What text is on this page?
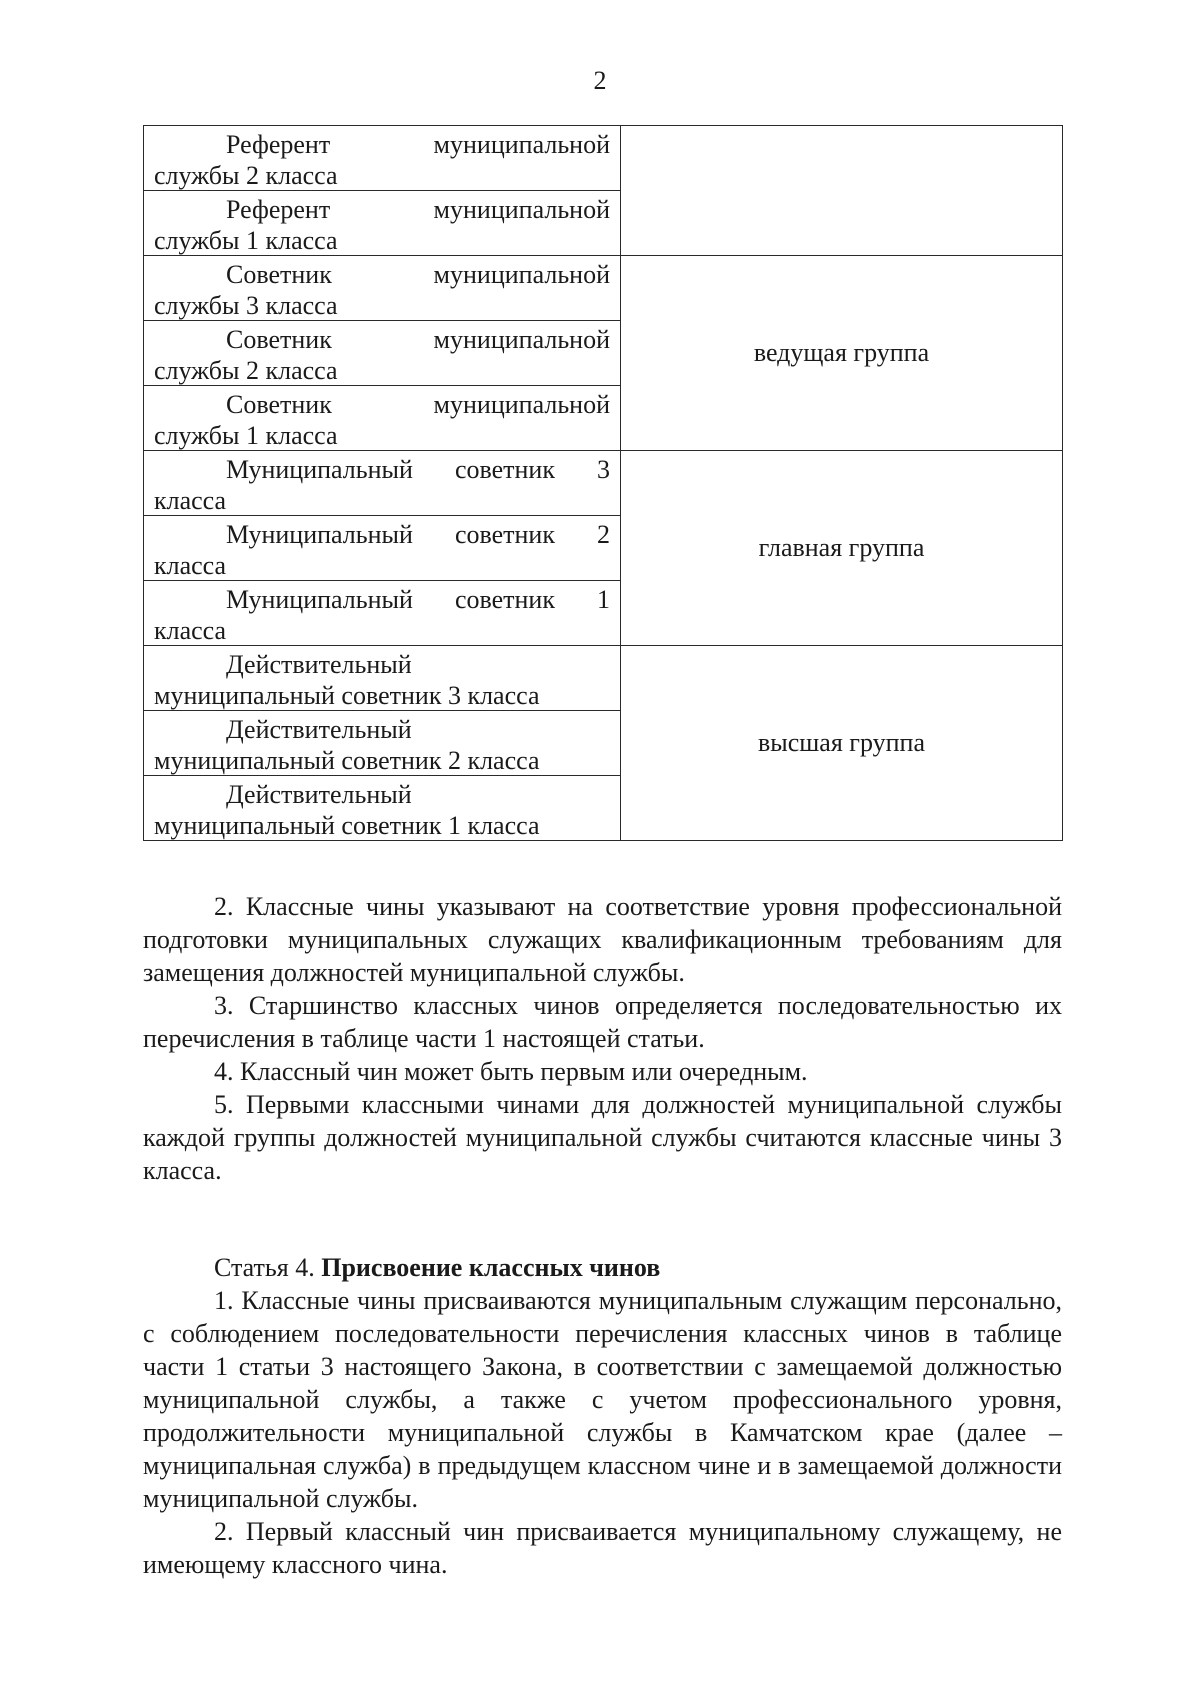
2
Референт муниципальной
службы 2 класса	

Референт муниципальной
службы 1 класса	

Советник муниципальной
службы 3 класса	ведущая группа

Советник муниципальной
службы 2 класса	

Советник муниципальной
службы 1 класса	

Муниципальный советник 3
класса	главная группа

Муниципальный советник 2
класса	

Муниципальный советник 1
класса	

Действительный
муниципальный советник 3 класса	высшая группа

Действительный
муниципальный советник 2 класса	

Действительный
муниципальный советник 1 класса	

2. Классные чины указывают на соответствие уровня профессиональной подготовки муниципальных служащих квалификационным требованиям для замещения должностей муниципальной службы.

3. Старшинство классных чинов определяется последовательностью их перечисления в таблице части 1 настоящей статьи.

4. Классный чин может быть первым или очередным.

5. Первыми классными чинами для должностей муниципальной службы каждой группы должностей муниципальной службы считаются классные чины 3 класса.

Статья 4. Присвоение классных чинов

1. Классные чины присваиваются муниципальным служащим персонально, с соблюдением последовательности перечисления классных чинов в таблице части 1 статьи 3 настоящего Закона, в соответствии с замещаемой должностью муниципальной службы, а также с учетом профессионального уровня, продолжительности муниципальной службы в Камчатском крае (далее – муниципальная служба) в предыдущем классном чине и в замещаемой должности муниципальной службы.

2. Первый классный чин присваивается муниципальному служащему, не имеющему классного чина.
